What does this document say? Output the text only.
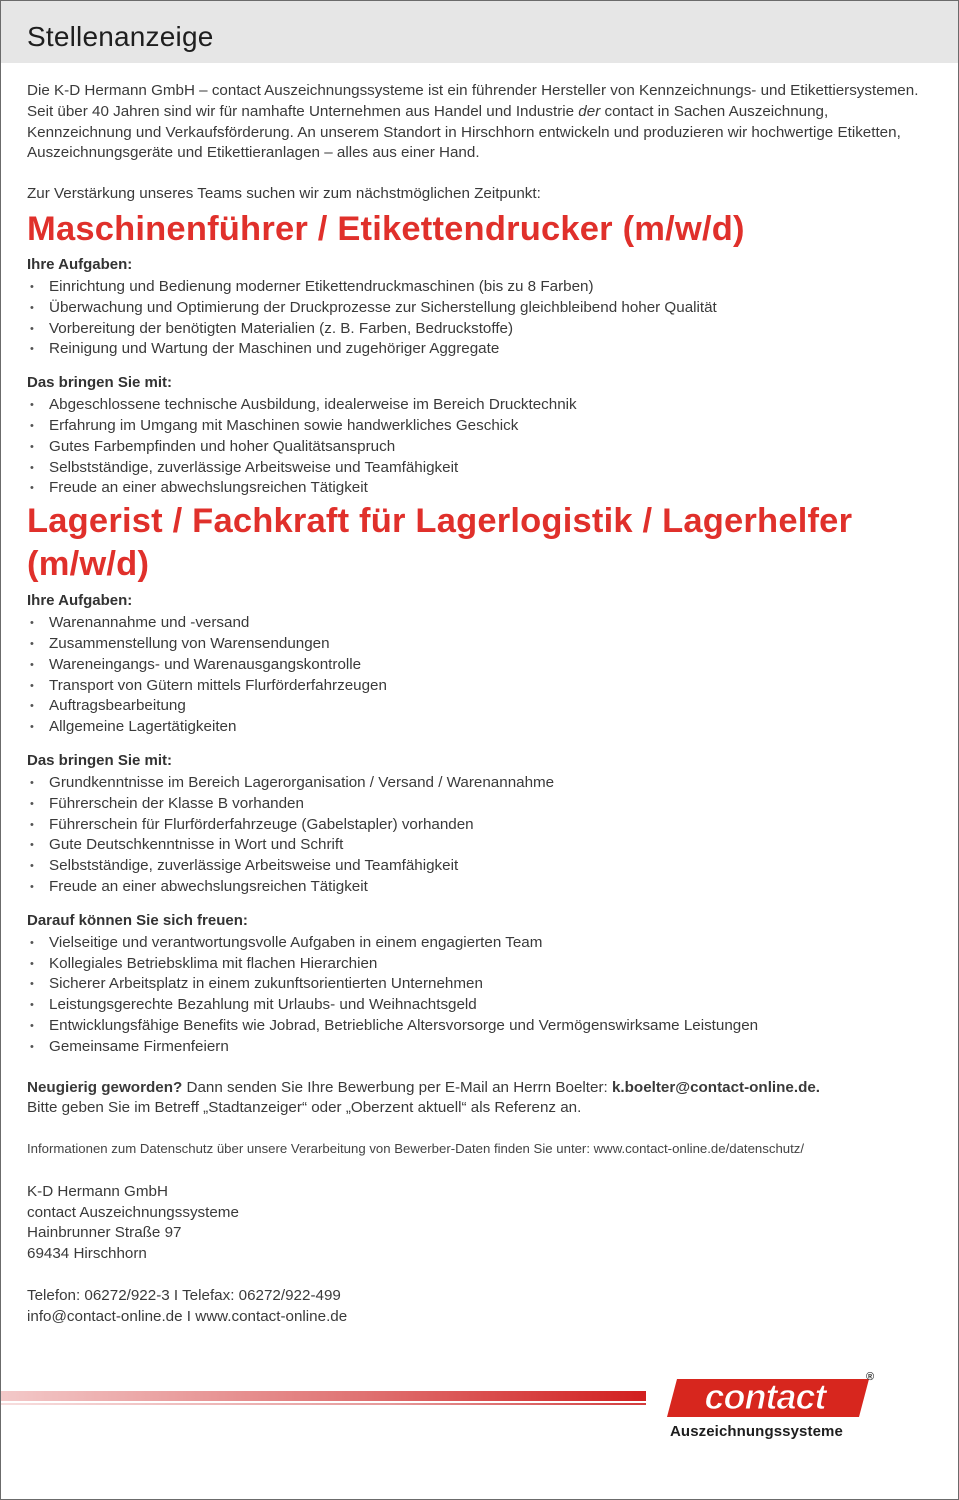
Stellenanzeige

Die K-D Hermann GmbH – contact Auszeichnungssysteme ist ein führender Hersteller von Kennzeichnungs- und Etikettiersystemen. Seit über 40 Jahren sind wir für namhafte Unternehmen aus Handel und Industrie der contact in Sachen Auszeichnung, Kennzeichnung und Verkaufsförderung. An unserem Standort in Hirschhorn entwickeln und produzieren wir hochwertige Etiketten, Auszeichnungsgeräte und Etikettieranlagen – alles aus einer Hand.

Zur Verstärkung unseres Teams suchen wir zum nächstmöglichen Zeitpunkt:

Maschinenführer / Etikettendrucker (m/w/d)
Ihre Aufgaben:
• Einrichtung und Bedienung moderner Etikettendruckmaschinen (bis zu 8 Farben)
• Überwachung und Optimierung der Druckprozesse zur Sicherstellung gleichbleibend hoher Qualität
• Vorbereitung der benötigten Materialien (z. B. Farben, Bedruckstoffe)
• Reinigung und Wartung der Maschinen und zugehöriger Aggregate
Das bringen Sie mit:
• Abgeschlossene technische Ausbildung, idealerweise im Bereich Drucktechnik
• Erfahrung im Umgang mit Maschinen sowie handwerkliches Geschick
• Gutes Farbempfinden und hoher Qualitätsanspruch
• Selbstständige, zuverlässige Arbeitsweise und Teamfähigkeit
• Freude an einer abwechslungsreichen Tätigkeit
Lagerist / Fachkraft für Lagerlogistik / Lagerhelfer
(m/w/d)
Ihre Aufgaben:
• Warenannahme und -versand
• Zusammenstellung von Warensendungen
• Wareneingangs- und Warenausgangskontrolle
• Transport von Gütern mittels Flurförderfahrzeugen
• Auftragsbearbeitung
• Allgemeine Lagertätigkeiten
Das bringen Sie mit:
• Grundkenntnisse im Bereich Lagerorganisation / Versand / Warenannahme
• Führerschein der Klasse B vorhanden
• Führerschein für Flurförderfahrzeuge (Gabelstapler) vorhanden
• Gute Deutschkenntnisse in Wort und Schrift
• Selbstständige, zuverlässige Arbeitsweise und Teamfähigkeit
• Freude an einer abwechslungsreichen Tätigkeit
Darauf können Sie sich freuen:
• Vielseitige und verantwortungsvolle Aufgaben in einem engagierten Team
• Kollegiales Betriebsklima mit flachen Hierarchien
• Sicherer Arbeitsplatz in einem zukunftsorientierten Unternehmen
• Leistungsgerechte Bezahlung mit Urlaubs- und Weihnachtsgeld
• Entwicklungsfähige Benefits wie Jobrad, Betriebliche Altersvorsorge und Vermögenswirksame Leistungen
• Gemeinsame Firmenfeiern

Neugierig geworden? Dann senden Sie Ihre Bewerbung per E-Mail an Herrn Boelter: k.boelter@contact-online.de.

Bitte geben Sie im Betreff „Stadtanzeiger“ oder „Oberzent aktuell“ als Referenz an.

Informationen zum Datenschutz über unsere Verarbeitung von Bewerber-Daten finden Sie unter: www.contact-online.de/datenschutz/

K-D Hermann GmbH

contact Auszeichnungssysteme

Hainbrunner Straße 97

69434 Hirschhorn

Telefon: 06272/922-3 I Telefax: 06272/922-499

info@contact-online.de I www.contact-online.de

contact	®
Auszeichnungssysteme
